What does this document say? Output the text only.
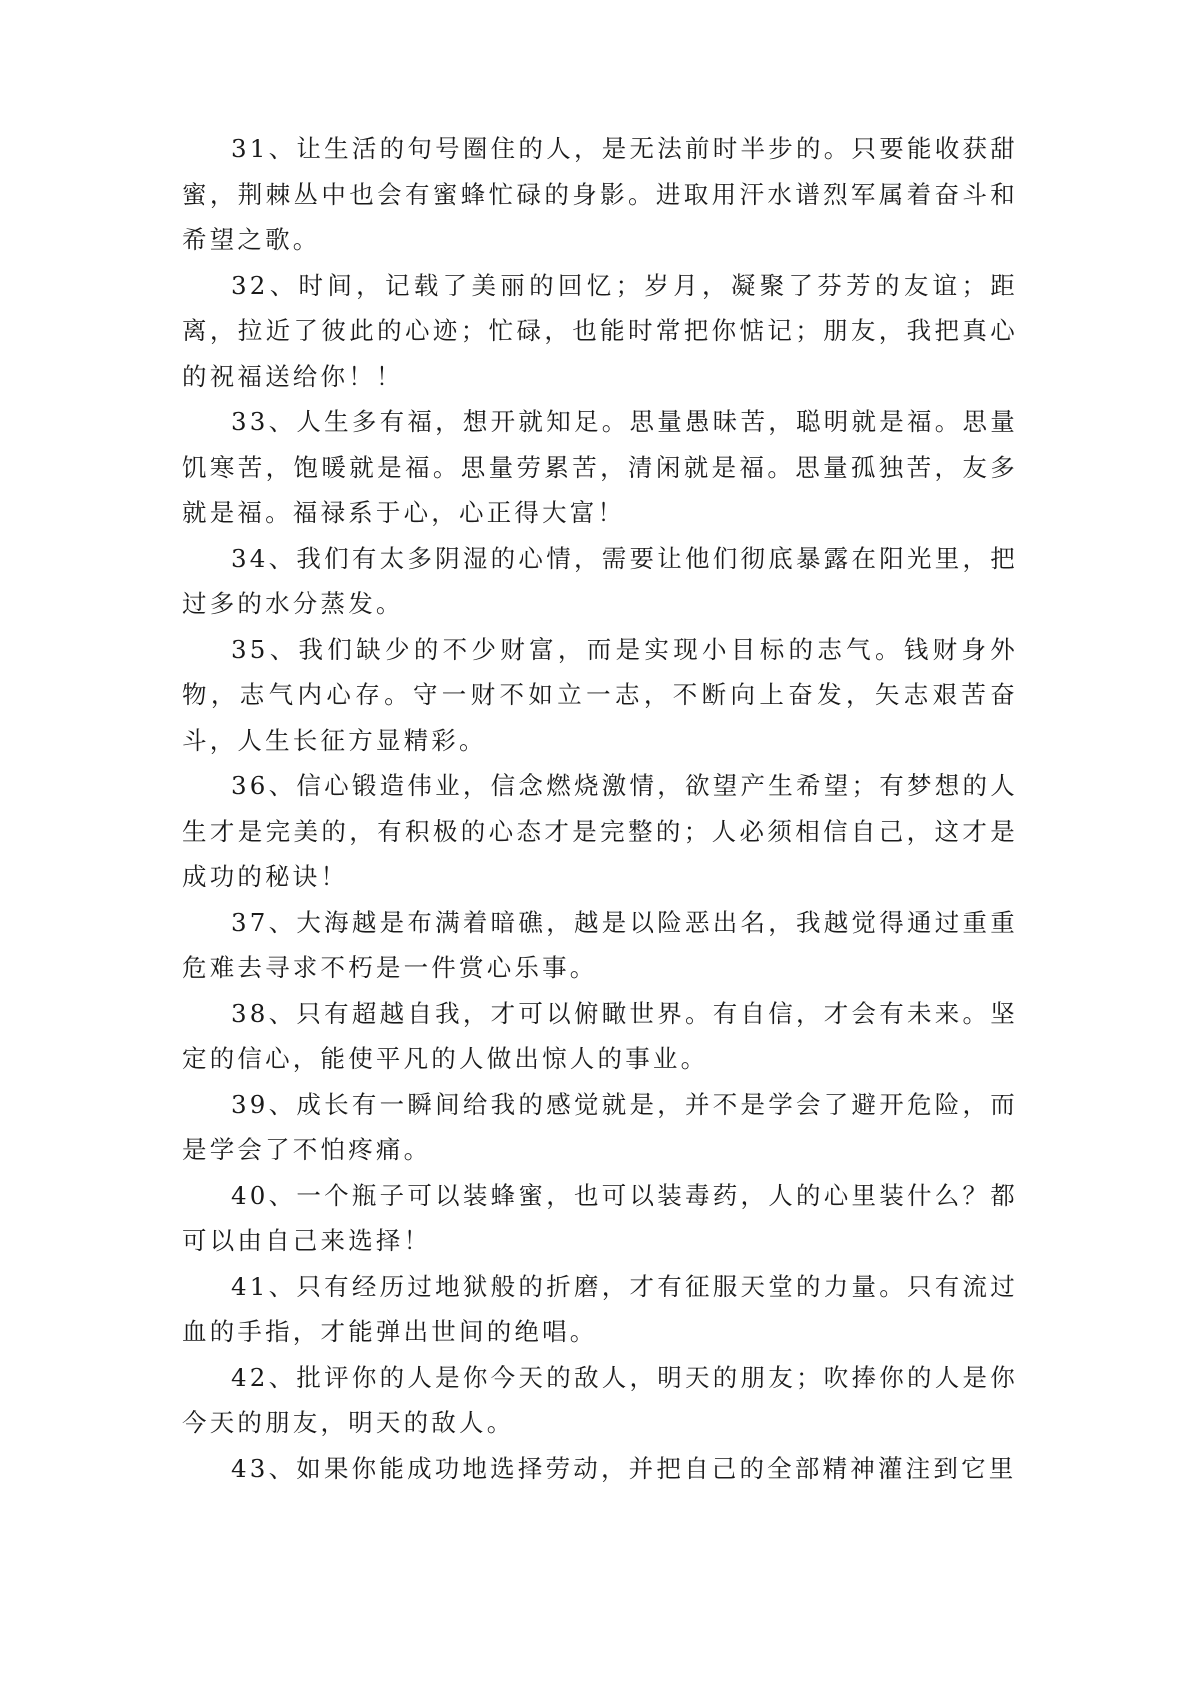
31、让生活的句号圈住的人，是无法前时半步的。只要能收获甜蜜，荆棘丛中也会有蜜蜂忙碌的身影。进取用汗水谱烈军属着奋斗和希望之歌。

32、时间，记载了美丽的回忆；岁月，凝聚了芬芳的友谊；距离，拉近了彼此的心迹；忙碌，也能时常把你惦记；朋友，我把真心的祝福送给你！！

33、人生多有福，想开就知足。思量愚昧苦，聪明就是福。思量饥寒苦，饱暖就是福。思量劳累苦，清闲就是福。思量孤独苦，友多就是福。福禄系于心，心正得大富！

34、我们有太多阴湿的心情，需要让他们彻底暴露在阳光里，把过多的水分蒸发。

35、我们缺少的不少财富，而是实现小目标的志气。钱财身外物，志气内心存。守一财不如立一志，不断向上奋发，矢志艰苦奋斗，人生长征方显精彩。

36、信心锻造伟业，信念燃烧激情，欲望产生希望；有梦想的人生才是完美的，有积极的心态才是完整的；人必须相信自己，这才是成功的秘诀！

37、大海越是布满着暗礁，越是以险恶出名，我越觉得通过重重危难去寻求不朽是一件赏心乐事。

38、只有超越自我，才可以俯瞰世界。有自信，才会有未来。坚定的信心，能使平凡的人做出惊人的事业。

39、成长有一瞬间给我的感觉就是，并不是学会了避开危险，而是学会了不怕疼痛。

40、一个瓶子可以装蜂蜜，也可以装毒药，人的心里装什么？都可以由自己来选择！

41、只有经历过地狱般的折磨，才有征服天堂的力量。只有流过血的手指，才能弹出世间的绝唱。

42、批评你的人是你今天的敌人，明天的朋友；吹捧你的人是你今天的朋友，明天的敌人。

43、如果你能成功地选择劳动，并把自己的全部精神灌注到它里
